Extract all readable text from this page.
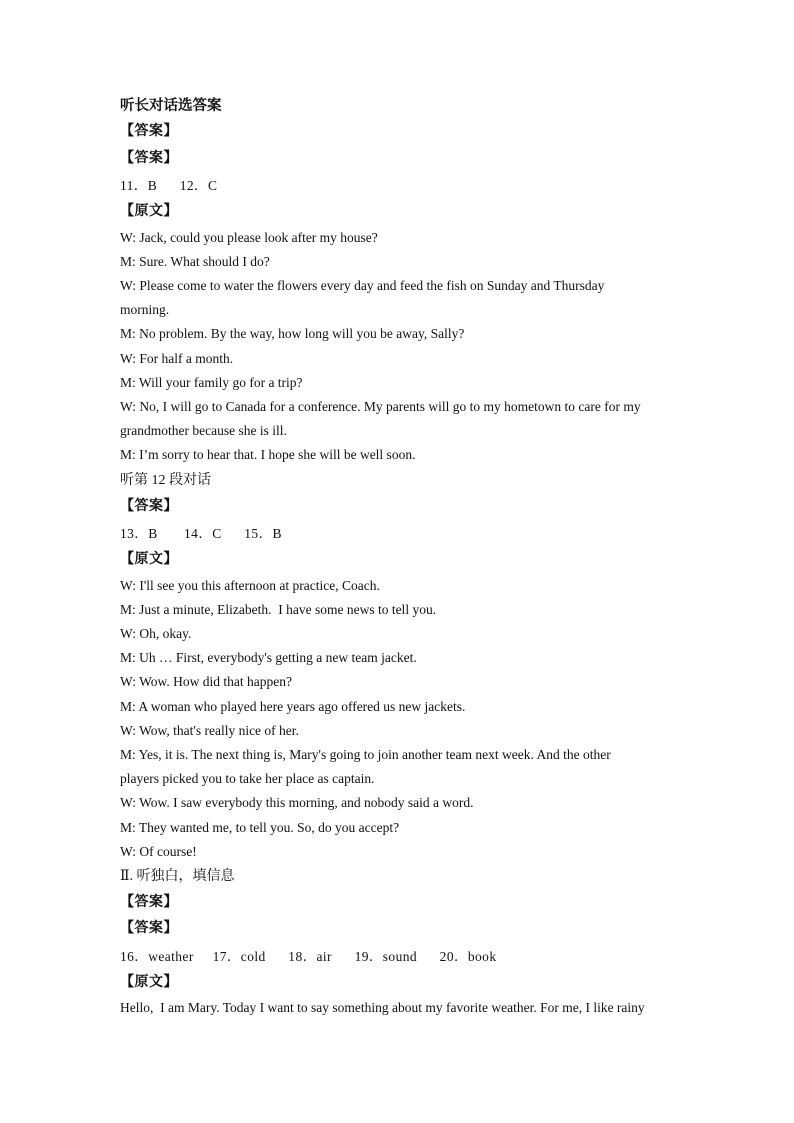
听长对话选答案

【答案】

【答案】

11．B      12．C

【原文】

W: Jack, could you please look after my house?

M: Sure. What should I do?

W: Please come to water the flowers every day and feed the fish on Sunday and Thursday

morning.

M: No problem. By the way, how long will you be away, Sally?

W: For half a month.

M: Will your family go for a trip?

W: No, I will go to Canada for a conference. My parents will go to my hometown to care for my

grandmother because she is ill.

M: I’m sorry to hear that. I hope she will be well soon.

听第 12 段对话

【答案】

13．B       14．C      15．B

【原文】

W: I'll see you this afternoon at practice, Coach.

M: Just a minute, Elizabeth.  I have some news to tell you.

W: Oh, okay.

M: Uh … First, everybody's getting a new team jacket.

W: Wow. How did that happen?

M: A woman who played here years ago offered us new jackets.

W: Wow, that's really nice of her.

M: Yes, it is. The next thing is, Mary's going to join another team next week. And the other

players picked you to take her place as captain.

W: Wow. I saw everybody this morning, and nobody said a word.

M: They wanted me, to tell you. So, do you accept?

W: Of course!

Ⅱ. 听独白，填信息

【答案】

【答案】

16．weather     17．cold      18．air      19．sound      20．book

【原文】

Hello,  I am Mary. Today I want to say something about my favorite weather. For me, I like rainy
